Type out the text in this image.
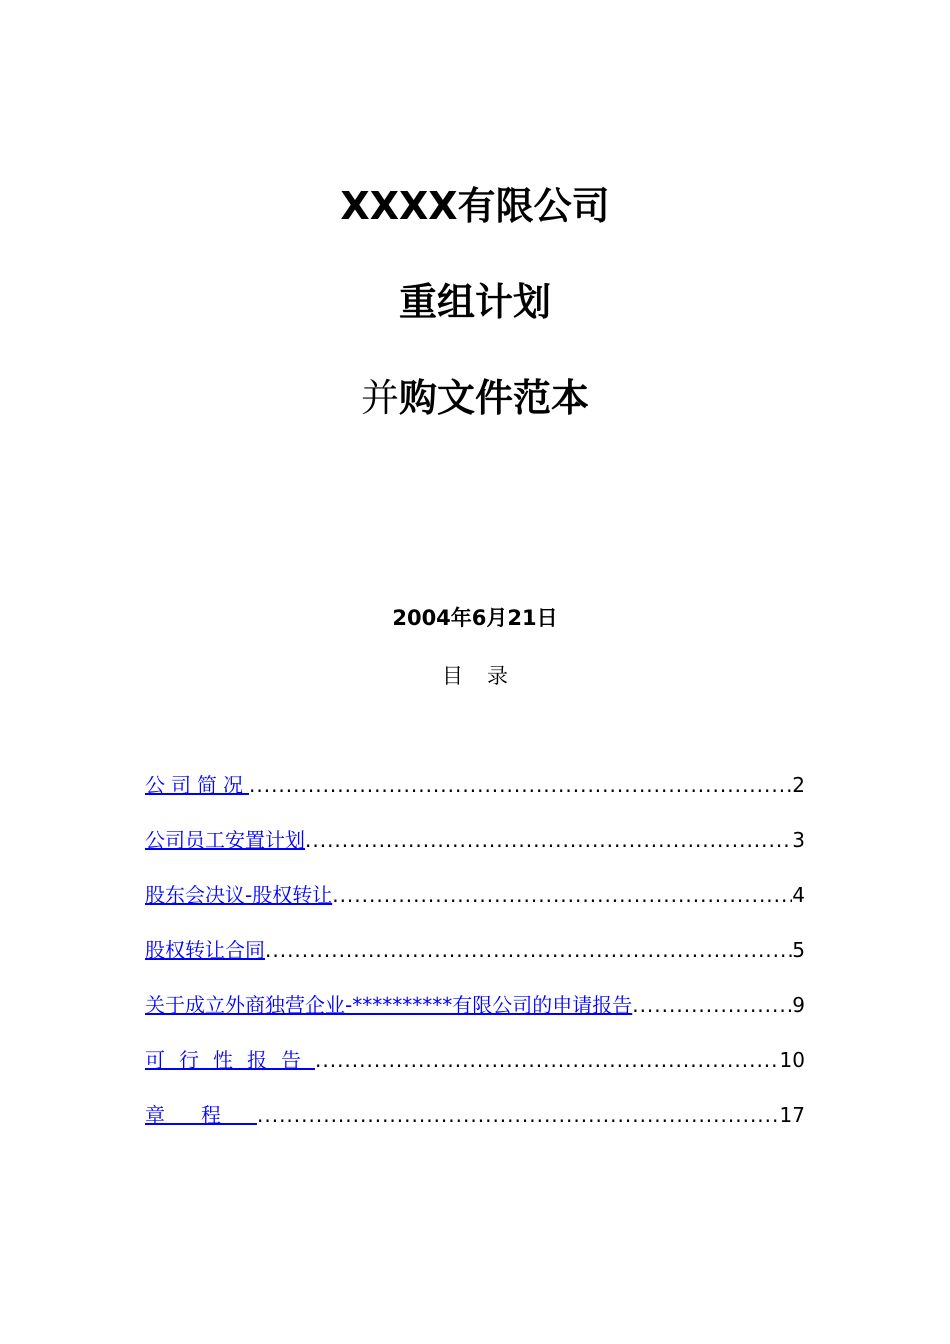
XXXX有限公司
重组计划
并购文件范本
2004年6月21日
目录
公司简况 .....	2
公司员工安置计划 .....	3
股东会决议-股权转让 .....	4
股权转让合同 .....	5
关于成立外商独营企业-**********有限公司的申请报告 .....	9
可行性报告 .....	10
章程 .....	17
